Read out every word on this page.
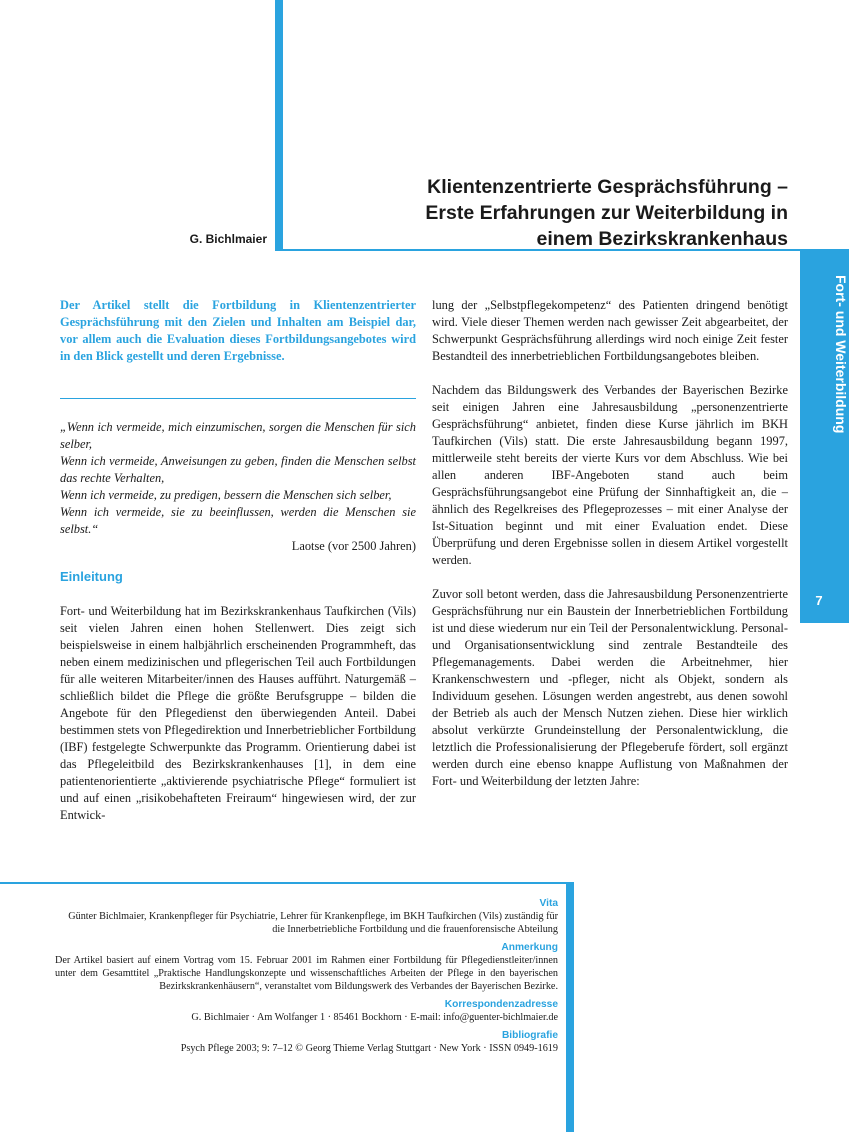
G. Bichlmaier
Klientenzentrierte Gesprächsführung –
Erste Erfahrungen zur Weiterbildung in
einem Bezirkskrankenhaus
Fort- und Weiterbildung
7

Der Artikel stellt die Fortbildung in Klientenzentrierter Gesprächsführung mit den Zielen und Inhalten am Beispiel dar, vor allem auch die Evaluation dieses Fortbildungsangebotes wird in den Blick gestellt und deren Ergebnisse.

„Wenn ich vermeide, mich einzumischen, sorgen die Menschen für sich selber,

Wenn ich vermeide, Anweisungen zu geben, finden die Menschen selbst das rechte Verhalten,

Wenn ich vermeide, zu predigen, bessern die Menschen sich selber,

Wenn ich vermeide, sie zu beeinflussen, werden die Menschen sie selbst.“

Laotse (vor 2500 Jahren)

Einleitung

Fort- und Weiterbildung hat im Bezirkskrankenhaus Taufkirchen (Vils) seit vielen Jahren einen hohen Stellenwert. Dies zeigt sich beispielsweise in einem halbjährlich erscheinenden Programmheft, das neben einem medizinischen und pflegerischen Teil auch Fortbildungen für alle weiteren Mitarbeiter/innen des Hauses aufführt. Naturgemäß – schließlich bildet die Pflege die größte Berufsgruppe – bilden die Angebote für den Pflegedienst den überwiegenden Anteil. Dabei bestimmen stets von Pflegedirektion und Innerbetrieblicher Fortbildung (IBF) festgelegte Schwerpunkte das Programm. Orientierung dabei ist das Pflegeleitbild des Bezirkskrankenhauses [1], in dem eine patientenorientierte „aktivierende psychiatrische Pflege“ formuliert ist und auf einen „risikobehafteten Freiraum“ hingewiesen wird, der zur Entwick-

lung der „Selbstpflegekompetenz“ des Patienten dringend benötigt wird. Viele dieser Themen werden nach gewisser Zeit abgearbeitet, der Schwerpunkt Gesprächsführung allerdings wird noch einige Zeit fester Bestandteil des innerbetrieblichen Fortbildungsangebotes bleiben.

Nachdem das Bildungswerk des Verbandes der Bayerischen Bezirke seit einigen Jahren eine Jahresausbildung „personenzentrierte Gesprächsführung“ anbietet, finden diese Kurse jährlich im BKH Taufkirchen (Vils) statt. Die erste Jahresausbildung begann 1997, mittlerweile steht bereits der vierte Kurs vor dem Abschluss. Wie bei allen anderen IBF-Angeboten stand auch beim Gesprächsführungsangebot eine Prüfung der Sinnhaftigkeit an, die – ähnlich des Regelkreises des Pflegeprozesses – mit einer Analyse der Ist-Situation beginnt und mit einer Evaluation endet. Diese Überprüfung und deren Ergebnisse sollen in diesem Artikel vorgestellt werden.

Zuvor soll betont werden, dass die Jahresausbildung Personenzentrierte Gesprächsführung nur ein Baustein der Innerbetrieblichen Fortbildung ist und diese wiederum nur ein Teil der Personalentwicklung. Personal- und Organisationsentwicklung sind zentrale Bestandteile des Pflegemanagements. Dabei werden die Arbeitnehmer, hier Krankenschwestern und -pfleger, nicht als Objekt, sondern als Individuum gesehen. Lösungen werden angestrebt, aus denen sowohl der Betrieb als auch der Mensch Nutzen ziehen. Diese hier wirklich absolut verkürzte Grundeinstellung der Personalentwicklung, die letztlich die Professionalisierung der Pflegeberufe fördert, soll ergänzt werden durch eine ebenso knappe Auflistung von Maßnahmen der Fort- und Weiterbildung der letzten Jahre:

Vita
Günter Bichlmaier, Krankenpfleger für Psychiatrie, Lehrer für Krankenpflege, im BKH Taufkirchen (Vils) zuständig für die Innerbetriebliche Fortbildung und die frauenforensische Abteilung
Anmerkung
Der Artikel basiert auf einem Vortrag vom 15. Februar 2001 im Rahmen einer Fortbildung für Pflegedienstleiter/innen unter dem Gesamttitel „Praktische Handlungskonzepte und wissenschaftliches Arbeiten der Pflege in den bayerischen Bezirkskrankenhäusern“, veranstaltet vom Bildungswerk des Verbandes der Bayerischen Bezirke.
Korrespondenzadresse
G. Bichlmaier · Am Wolfanger 1 · 85461 Bockhorn · E-mail: info@guenter-bichlmaier.de
Bibliografie
Psych Pflege 2003; 9: 7–12 © Georg Thieme Verlag Stuttgart · New York · ISSN 0949-1619
